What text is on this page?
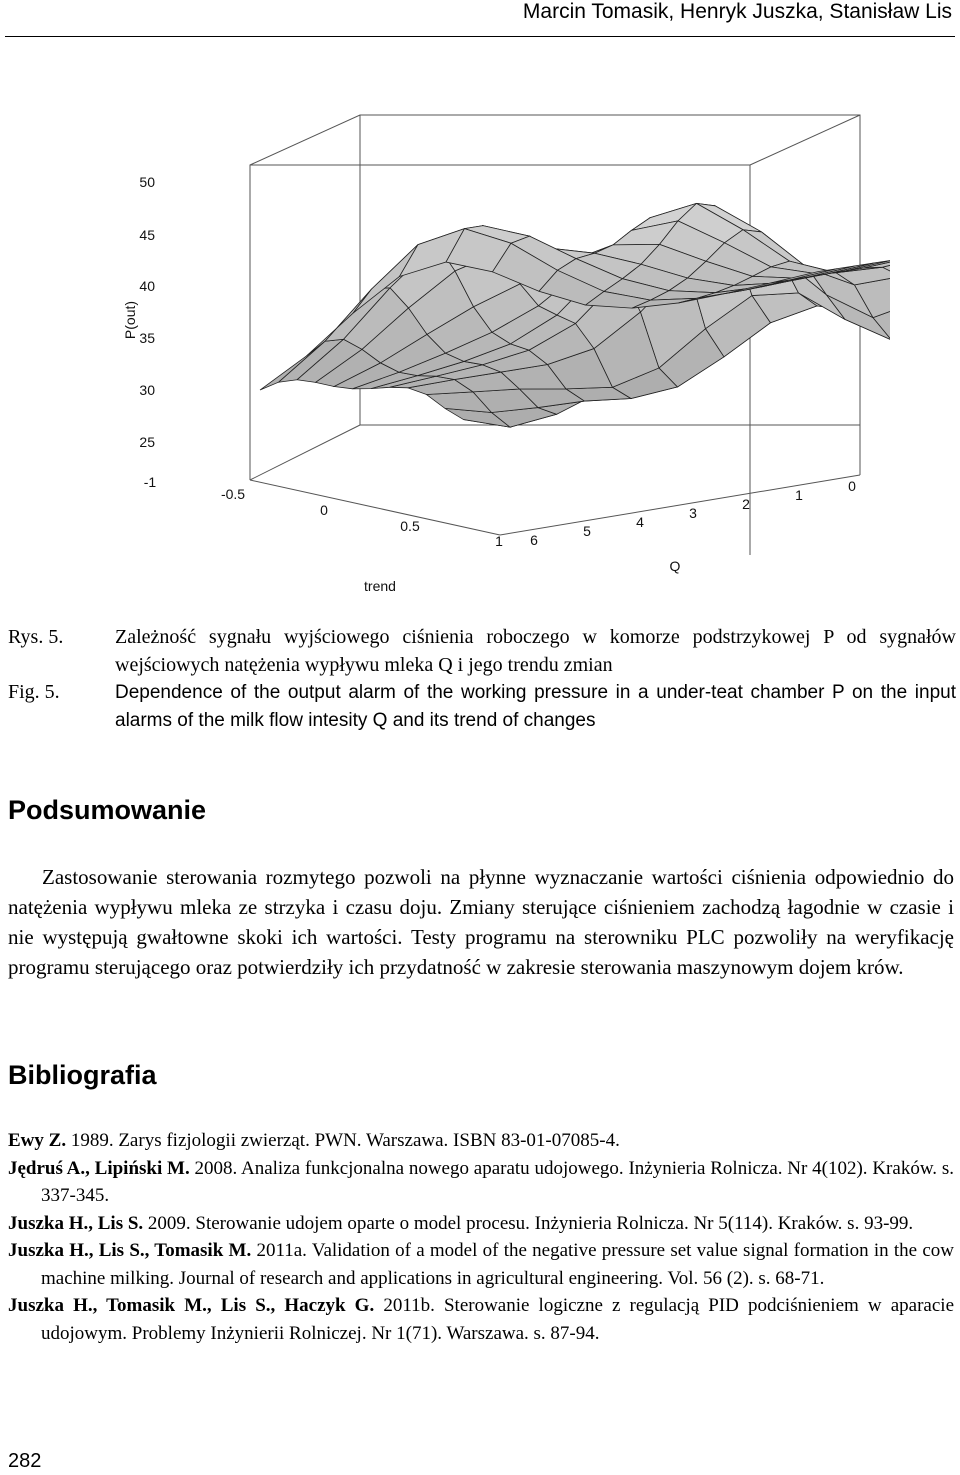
Marcin Tomasik, Henryk Juszka, Stanisław Lis
50
45
40
35
30
25
P(out)
-1
-0.5
0
0.5
1
trend
6
5
4
3
2
1
0
Q
Rys. 5.	Zależność sygnału wyjściowego ciśnienia roboczego w komorze podstrzykowej P od sygnałów wejściowych natężenia wypływu mleka Q i jego trendu zmian
Fig. 5.	Dependence of the output alarm of the working pressure in a under-teat chamber P on the input alarms of the milk flow intesity Q and its trend of changes
Podsumowanie

Zastosowanie sterowania rozmytego pozwoli na płynne wyznaczanie wartości ciśnienia odpowiednio do natężenia wypływu mleka ze strzyka i czasu doju. Zmiany sterujące ciśnieniem zachodzą łagodnie w czasie i nie występują gwałtowne skoki ich wartości. Testy programu na sterowniku PLC pozwoliły na weryfikację programu sterującego oraz potwierdziły ich przydatność w zakresie sterowania maszynowym dojem krów.

Bibliografia

Ewy Z. 1989. Zarys fizjologii zwierząt. PWN. Warszawa. ISBN 83-01-07085-4.

Jędruś A., Lipiński M. 2008. Analiza funkcjonalna nowego aparatu udojowego. Inżynieria Rolnicza. Nr 4(102). Kraków. s. 337-345.

Juszka H., Lis S. 2009. Sterowanie udojem oparte o model procesu. Inżynieria Rolnicza. Nr 5(114). Kraków. s. 93-99.

Juszka H., Lis S., Tomasik M. 2011a. Validation of a model of the negative pressure set value signal formation in the cow machine milking. Journal of research and applications in agricultural engineering. Vol. 56 (2). s. 68-71.

Juszka H., Tomasik M., Lis S., Haczyk G. 2011b. Sterowanie logiczne z regulacją PID podciśnieniem w aparacie udojowym. Problemy Inżynierii Rolniczej. Nr 1(71). Warszawa. s. 87-94.

282
